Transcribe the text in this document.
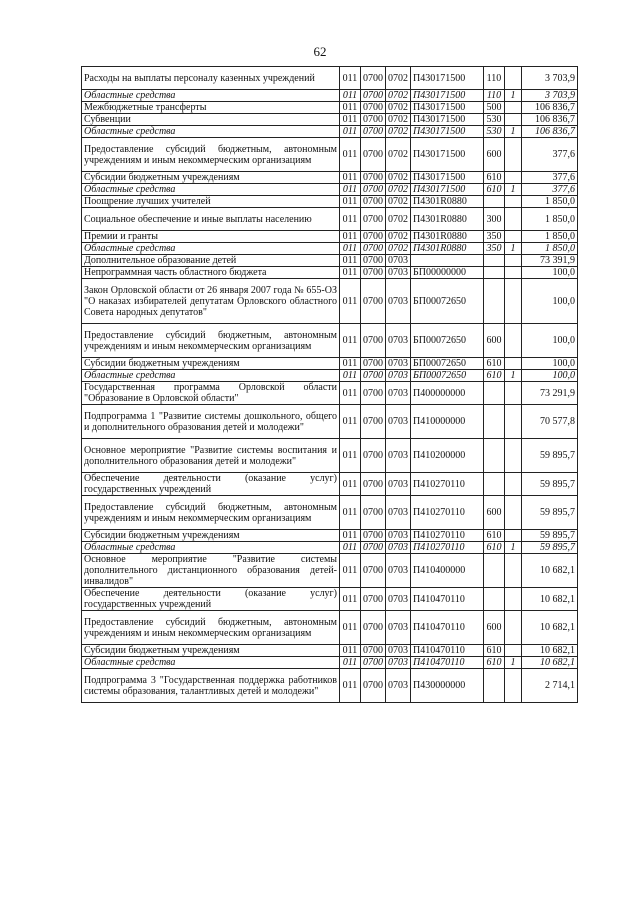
62
Расходы на выплаты персоналу казенных учреждений	011	0700	0702	П430171500	110		3 703,9
Областные средства	011	0700	0702	П430171500	110	1	3 703,9
Межбюджетные трансферты	011	0700	0702	П430171500	500		106 836,7
Субвенции	011	0700	0702	П430171500	530		106 836,7
Областные средства	011	0700	0702	П430171500	530	1	106 836,7
Предоставление субсидий бюджетным, автономным учреждениям и иным некоммерческим организациям	011	0700	0702	П430171500	600		377,6
Субсидии бюджетным учреждениям	011	0700	0702	П430171500	610		377,6
Областные средства	011	0700	0702	П430171500	610	1	377,6
Поощрение лучших учителей	011	0700	0702	П4301R0880			1 850,0
Социальное обеспечение и иные выплаты населению	011	0700	0702	П4301R0880	300		1 850,0
Премии и гранты	011	0700	0702	П4301R0880	350		1 850,0
Областные средства	011	0700	0702	П4301R0880	350	1	1 850,0
Дополнительное образование детей	011	0700	0703				73 391,9
Непрограммная часть областного бюджета	011	0700	0703	БП00000000			100,0
Закон Орловской области от 26 января 2007 года № 655-ОЗ "О наказах избирателей депутатам Орловского областного Совета народных депутатов"	011	0700	0703	БП00072650			100,0
Предоставление субсидий бюджетным, автономным учреждениям и иным некоммерческим организациям	011	0700	0703	БП00072650	600		100,0
Субсидии бюджетным учреждениям	011	0700	0703	БП00072650	610		100,0
Областные средства	011	0700	0703	БП00072650	610	1	100,0
Государственная программа Орловской области "Образование в Орловской области"	011	0700	0703	П400000000			73 291,9
Подпрограмма 1 "Развитие системы дошкольного, общего и дополнительного образования детей и молодежи"	011	0700	0703	П410000000			70 577,8
Основное мероприятие "Развитие системы воспитания и дополнительного образования детей и молодежи"	011	0700	0703	П410200000			59 895,7
Обеспечение деятельности (оказание услуг) государственных учреждений	011	0700	0703	П410270110			59 895,7
Предоставление субсидий бюджетным, автономным учреждениям и иным некоммерческим организациям	011	0700	0703	П410270110	600		59 895,7
Субсидии бюджетным учреждениям	011	0700	0703	П410270110	610		59 895,7
Областные средства	011	0700	0703	П410270110	610	1	59 895,7
Основное мероприятие "Развитие системы дополнительного дистанционного образования детей-инвалидов"	011	0700	0703	П410400000			10 682,1
Обеспечение деятельности (оказание услуг) государственных учреждений	011	0700	0703	П410470110			10 682,1
Предоставление субсидий бюджетным, автономным учреждениям и иным некоммерческим организациям	011	0700	0703	П410470110	600		10 682,1
Субсидии бюджетным учреждениям	011	0700	0703	П410470110	610		10 682,1
Областные средства	011	0700	0703	П410470110	610	1	10 682,1
Подпрограмма 3 "Государственная поддержка работников системы образования, талантливых детей и молодежи"	011	0700	0703	П430000000			2 714,1
